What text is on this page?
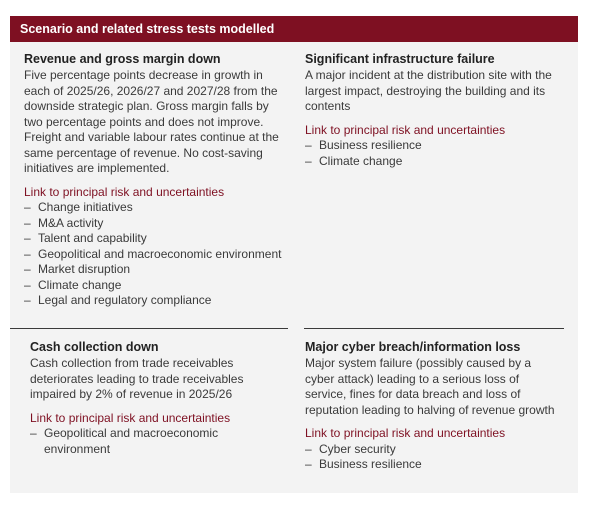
Scenario and related stress tests modelled
Revenue and gross margin down

Five percentage points decrease in growth in each of 2025/26, 2026/27 and 2027/28 from the downside strategic plan. Gross margin falls by two percentage points and does not improve. Freight and variable labour rates continue at the same percentage of revenue. No cost-saving initiatives are implemented.

Link to principal risk and uncertainties
– Change initiatives
– M&A activity
– Talent and capability
– Geopolitical and macroeconomic environment
– Market disruption
– Climate change
– Legal and regulatory compliance
Significant infrastructure failure

A major incident at the distribution site with the largest impact, destroying the building and its contents

Link to principal risk and uncertainties
– Business resilience
– Climate change
Cash collection down

Cash collection from trade receivables deteriorates leading to trade receivables impaired by 2% of revenue in 2025/26

Link to principal risk and uncertainties
– Geopolitical and macroeconomic environment
Major cyber breach/information loss

Major system failure (possibly caused by a cyber attack) leading to a serious loss of service, fines for data breach and loss of reputation leading to halving of revenue growth

Link to principal risk and uncertainties
– Cyber security
– Business resilience
